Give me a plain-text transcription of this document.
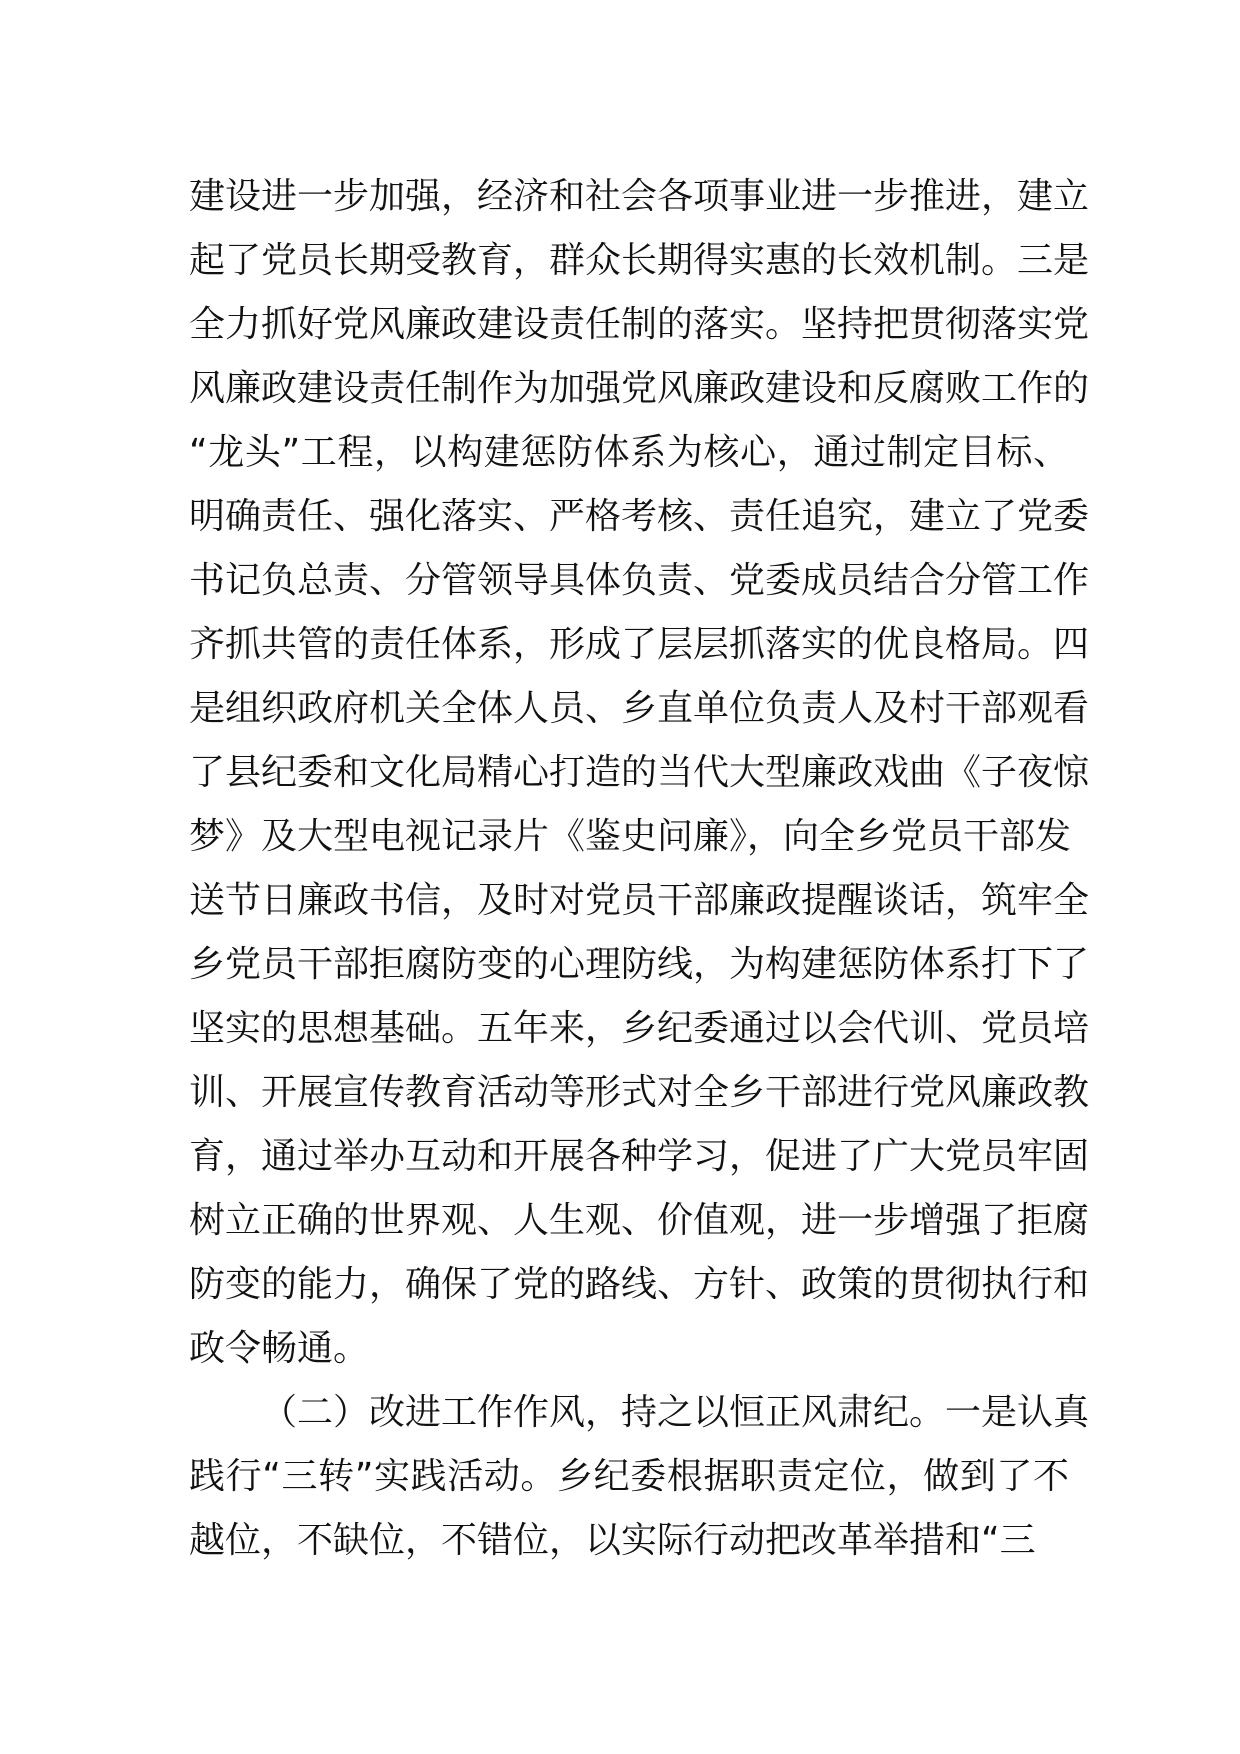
建设进一步加强，经济和社会各项事业进一步推进，建立
起了党员长期受教育，群众长期得实惠的长效机制。三是
全力抓好党风廉政建设责任制的落实。坚持把贯彻落实党
风廉政建设责任制作为加强党风廉政建设和反腐败工作的
“龙头”工程，以构建惩防体系为核心，通过制定目标、
明确责任、强化落实、严格考核、责任追究，建立了党委
书记负总责、分管领导具体负责、党委成员结合分管工作
齐抓共管的责任体系，形成了层层抓落实的优良格局。四
是组织政府机关全体人员、乡直单位负责人及村干部观看
了县纪委和文化局精心打造的当代大型廉政戏曲《子夜惊
梦》及大型电视记录片《鉴史问廉》，向全乡党员干部发
送节日廉政书信，及时对党员干部廉政提醒谈话，筑牢全
乡党员干部拒腐防变的心理防线，为构建惩防体系打下了
坚实的思想基础。五年来，乡纪委通过以会代训、党员培
训、开展宣传教育活动等形式对全乡干部进行党风廉政教
育，通过举办互动和开展各种学习，促进了广大党员牢固
树立正确的世界观、人生观、价值观，进一步增强了拒腐
防变的能力，确保了党的路线、方针、政策的贯彻执行和
政令畅通。
（二）改进工作作风，持之以恒正风肃纪。一是认真
践行“三转”实践活动。乡纪委根据职责定位，做到了不
越位，不缺位，不错位，以实际行动把改革举措和“三
